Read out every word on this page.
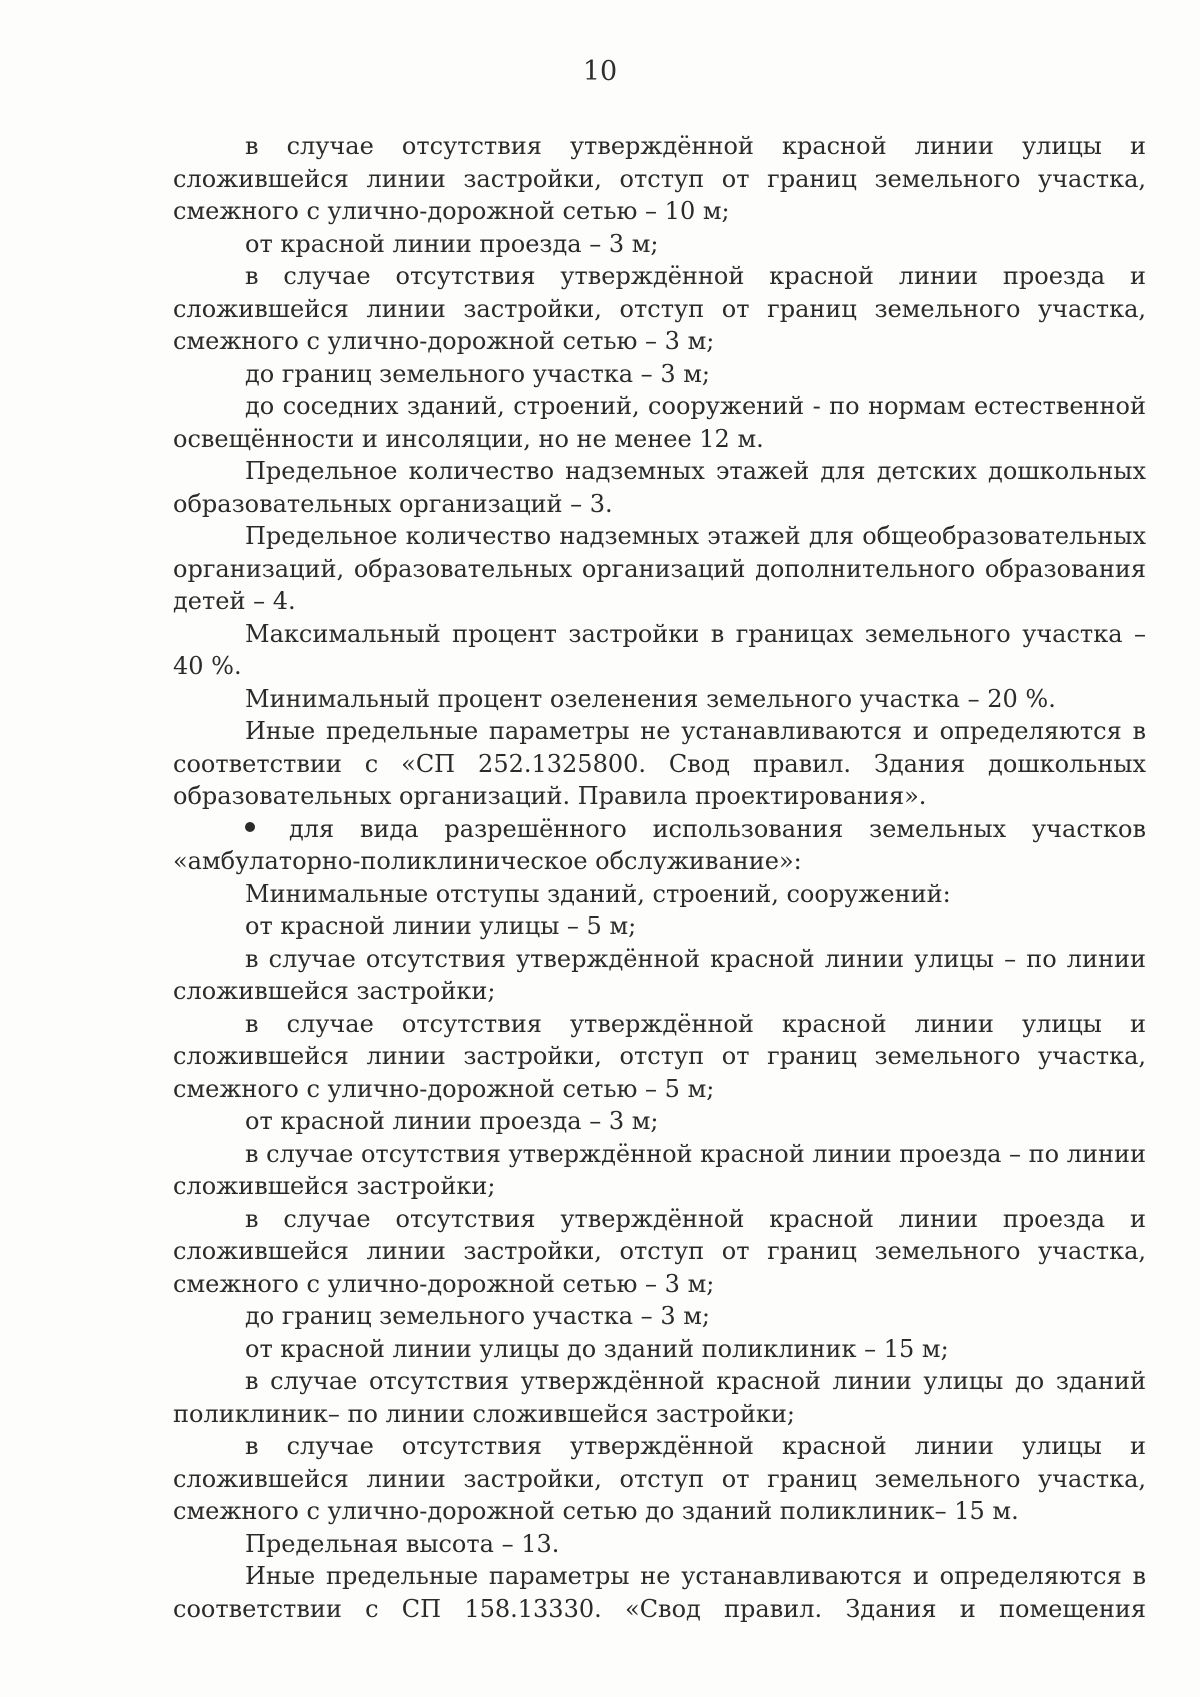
10

в случае отсутствия утверждённой красной линии улицы и сложившейся линии застройки, отступ от границ земельного участка, смежного с улично-дорожной сетью – 10 м;

от красной линии проезда – 3 м;

в случае отсутствия утверждённой красной линии проезда и сложившейся линии застройки, отступ от границ земельного участка, смежного с улично-дорожной сетью – 3 м;

до границ земельного участка – 3 м;

до соседних зданий, строений, сооружений - по нормам естественной освещённости и инсоляции, но не менее 12 м.

Предельное количество надземных этажей для детских дошкольных образовательных организаций – 3.

Предельное количество надземных этажей для общеобразовательных организаций, образовательных организаций дополнительного образования детей – 4.

Максимальный процент застройки в границах земельного участка – 40 %.

Минимальный процент озеленения земельного участка – 20 %.

Иные предельные параметры не устанавливаются и определяются в соответствии с «СП 252.1325800. Свод правил. Здания дошкольных образовательных организаций. Правила проектирования».

для вида разрешённого использования земельных участков «амбулаторно-поликлиническое обслуживание»:

Минимальные отступы зданий, строений, сооружений:

от красной линии улицы – 5 м;

в случае отсутствия утверждённой красной линии улицы – по линии сложившейся застройки;

в случае отсутствия утверждённой красной линии улицы и сложившейся линии застройки, отступ от границ земельного участка, смежного с улично-дорожной сетью – 5 м;

от красной линии проезда – 3 м;

в случае отсутствия утверждённой красной линии проезда – по линии сложившейся застройки;

в случае отсутствия утверждённой красной линии проезда и сложившейся линии застройки, отступ от границ земельного участка, смежного с улично-дорожной сетью – 3 м;

до границ земельного участка – 3 м;

от красной линии улицы до зданий поликлиник – 15 м;

в случае отсутствия утверждённой красной линии улицы до зданий поликлиник– по линии сложившейся застройки;

в случае отсутствия утверждённой красной линии улицы и сложившейся линии застройки, отступ от границ земельного участка, смежного с улично-дорожной сетью до зданий поликлиник– 15 м.

Предельная высота – 13.

Иные предельные параметры не устанавливаются и определяются в соответствии с СП 158.13330. «Свод правил. Здания и помещения
